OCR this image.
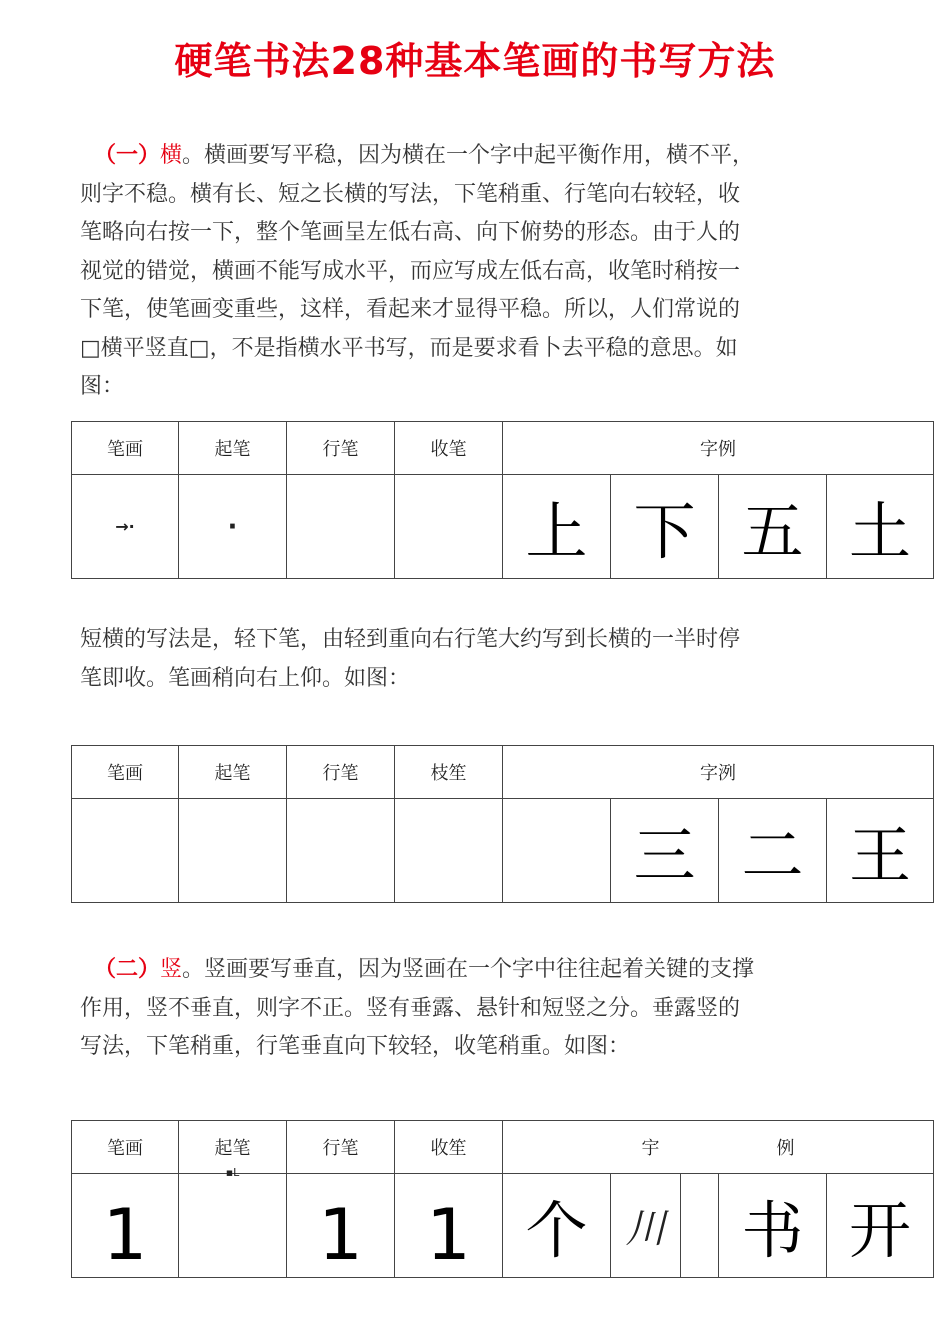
硬笔书法28种基本笔画的书写方法

（一）横。横画要写平稳，因为横在一个字中起平衡作用，横不平，
则字不稳。横有长、短之长横的写法，下笔稍重、行笔向右较轻，收
笔略向右按一下，整个笔画呈左低右高、向下俯势的形态。由于人的
视觉的错觉，横画不能写成水平，而应写成左低右高，收笔时稍按一
下笔，使笔画变重些，这样，看起来才显得平稳。所以，人们常说的
□横平竖直□，不是指横水平书写，而是要求看卜去平稳的意思。如
图：

笔画	起笔	行笔	收笔	字例			
→·	·			上	下	五	土

短横的写法是，轻下笔，由轻到重向右行笔大约写到长横的一半时停
笔即收。笔画稍向右上仰。如图：

笔画	起笔	行笔	枝笙	字洌			
					三	二	王

（二）竖。竖画要写垂直，因为竖画在一个字中往往起着关键的支撑
作用，竖不垂直，则字不正。竖有垂露、悬针和短竖之分。垂露竖的
写法，下笔稍重，行笔垂直向下较轻，收笔稍重。如图：

笔画	起笔	行笔	收笙	宇 例				

1	▪L	1	1	个	川		书	开
